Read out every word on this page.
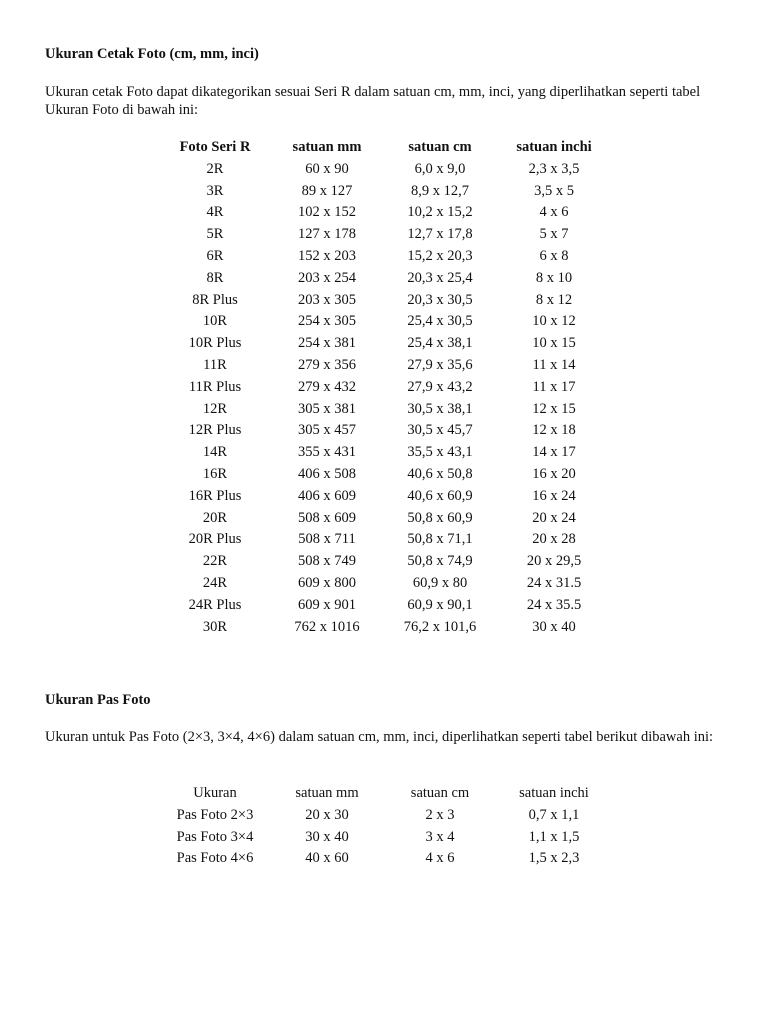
Ukuran Cetak Foto (cm, mm, inci)

Ukuran cetak Foto dapat dikategorikan sesuai Seri R dalam satuan cm, mm, inci, yang diperlihatkan seperti tabel Ukuran Foto di bawah ini:

Foto Seri R	satuan mm	satuan cm	satuan inchi
2R	60 x 90	6,0 x 9,0	2,3 x 3,5
3R	89 x 127	8,9 x 12,7	3,5 x 5
4R	102 x 152	10,2 x 15,2	4 x 6
5R	127 x 178	12,7 x 17,8	5 x 7
6R	152 x 203	15,2 x 20,3	6 x 8
8R	203 x 254	20,3 x 25,4	8 x 10
8R Plus	203 x 305	20,3 x 30,5	8 x 12
10R	254 x 305	25,4 x 30,5	10 x 12
10R Plus	254 x 381	25,4 x 38,1	10 x 15
11R	279 x 356	27,9 x 35,6	11 x 14
11R Plus	279 x 432	27,9 x 43,2	11 x 17
12R	305 x 381	30,5 x 38,1	12 x 15
12R Plus	305 x 457	30,5 x 45,7	12 x 18
14R	355 x 431	35,5 x 43,1	14 x 17
16R	406 x 508	40,6 x 50,8	16 x 20
16R Plus	406 x 609	40,6 x 60,9	16 x 24
20R	508 x 609	50,8 x 60,9	20 x 24
20R Plus	508 x 711	50,8 x 71,1	20 x 28
22R	508 x 749	50,8 x 74,9	20 x 29,5
24R	609 x 800	60,9 x 80	24 x 31.5
24R Plus	609 x 901	60,9 x 90,1	24 x 35.5
30R	762 x 1016	76,2 x 101,6	30 x 40
Ukuran Pas Foto

Ukuran untuk Pas Foto (2×3, 3×4, 4×6) dalam satuan cm, mm, inci, diperlihatkan seperti tabel berikut dibawah ini:

Ukuran	satuan mm	satuan cm	satuan inchi
Pas Foto 2×3	20 x 30	2 x 3	0,7 x 1,1
Pas Foto 3×4	30 x 40	3 x 4	1,1 x 1,5
Pas Foto 4×6	40 x 60	4 x 6	1,5 x 2,3
